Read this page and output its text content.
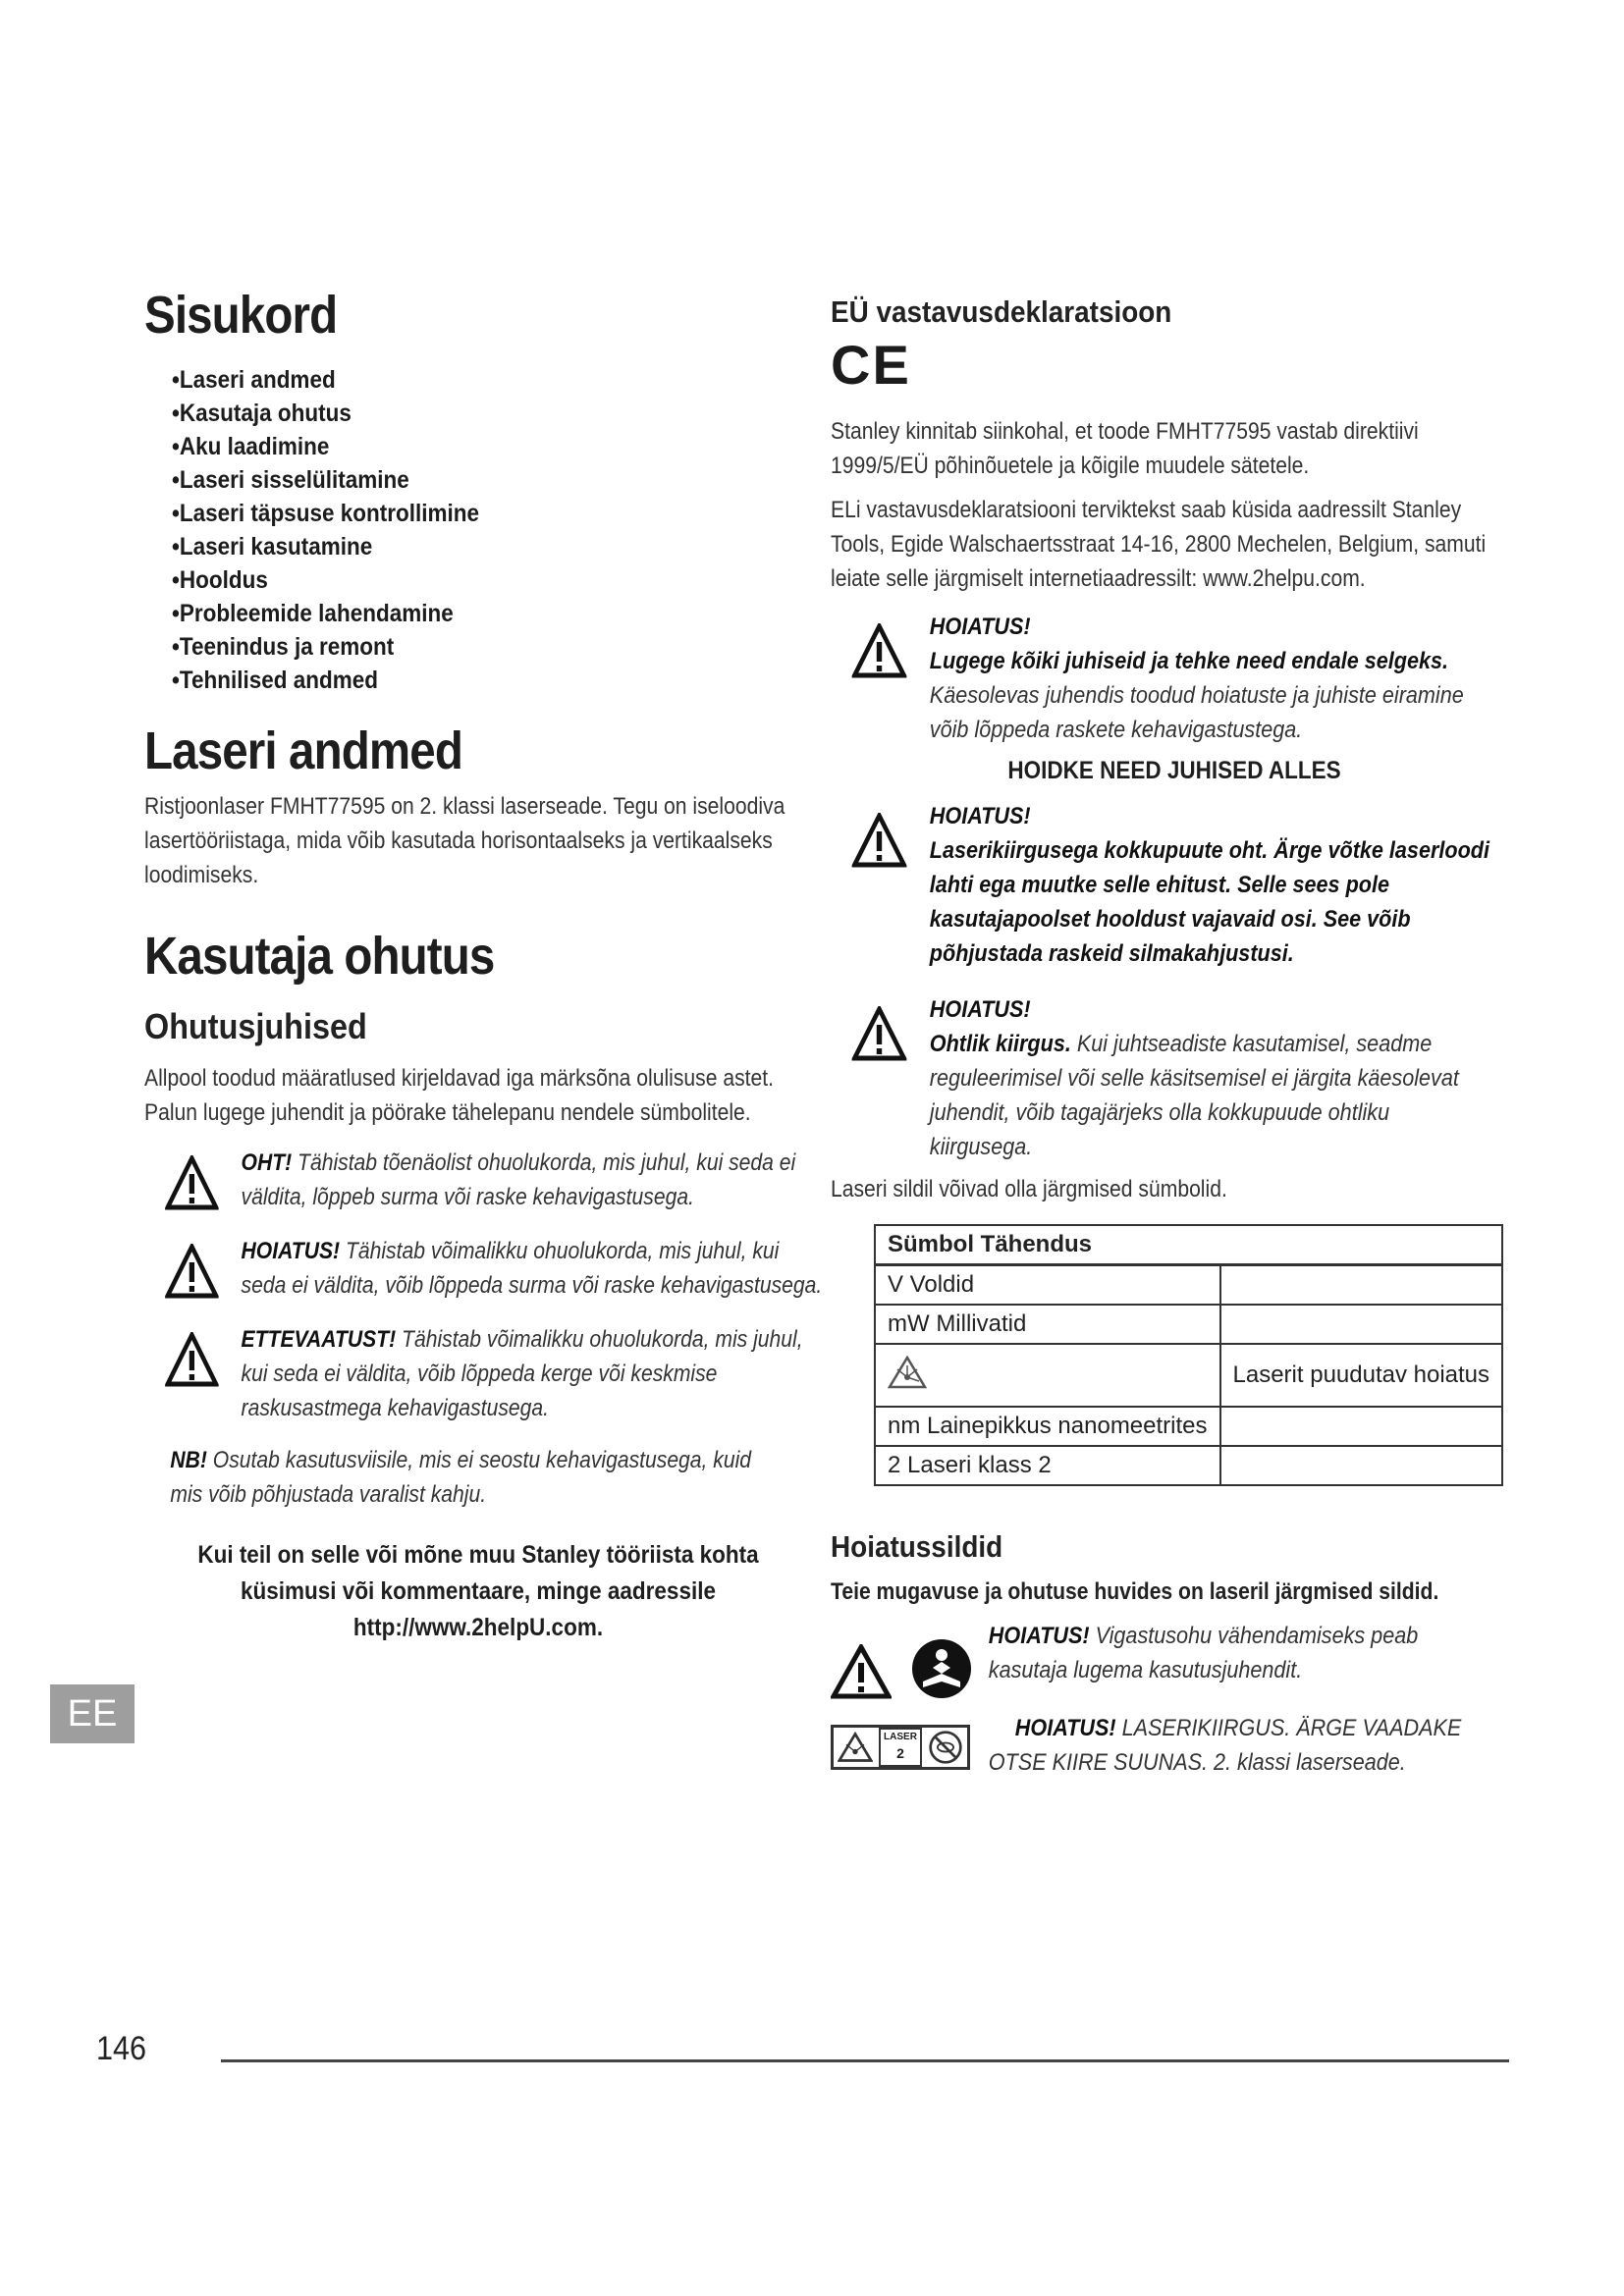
Sisukord
• Laseri andmed
• Kasutaja ohutus
• Aku laadimine
• Laseri sisselülitamine
• Laseri täpsuse kontrollimine
• Laseri kasutamine
• Hooldus
• Probleemide lahendamine
• Teenindus ja remont
• Tehnilised andmed
Laseri andmed

Ristjoonlaser FMHT77595 on 2. klassi laserseade. Tegu on iseloodiva lasertööriistaga, mida võib kasutada horisontaalseks ja vertikaalseks loodimiseks.

Kasutaja ohutus
Ohutusjuhised

Allpool toodud määratlused kirjeldavad iga märksõna olulisuse astet. Palun lugege juhendit ja pöörake tähelepanu nendele sümbolitele.

OHT! Tähistab tõenäolist ohuolukorda, mis juhul, kui seda ei väldita, lõppeb surma või raske kehavigastusega.
HOIATUS! Tähistab võimalikku ohuolukorda, mis juhul, kui seda ei väldita, võib lõppeda surma või raske kehavigastusega.
ETTEVAATUST! Tähistab võimalikku ohuolukorda, mis juhul, kui seda ei väldita, võib lõppeda kerge või keskmise raskusastmega kehavigastusega.
NB! Osutab kasutusviisile, mis ei seostu kehavigastusega, kuid mis võib põhjustada varalist kahju.
Kui teil on selle või mõne muu Stanley tööriista kohta küsimusi või kommentaare, minge aadressile http://www.2helpU.com.
EÜ vastavusdeklaratsioon
CE

Stanley kinnitab siinkohal, et toode FMHT77595 vastab direktiivi 1999/5/EÜ põhinõuetele ja kõigile muudele sätetele.

ELi vastavusdeklaratsiooni terviktekst saab küsida aadressilt Stanley Tools, Egide Walschaertsstraat 14-16, 2800 Mechelen, Belgium, samuti leiate selle järgmiselt internetiaadressilt: www.2helpu.com.

HOIATUS!
Lugege kõiki juhiseid ja tehke need endale selgeks. Käesolevas juhendis toodud hoiatuste ja juhiste eiramine võib lõppeda raskete kehavigastustega.
HOIDKE NEED JUHISED ALLES
HOIATUS!
Laserikiirgusega kokkupuute oht. Ärge võtke laserloodi lahti ega muutke selle ehitust. Selle sees pole kasutajapoolset hooldust vajavaid osi. See võib põhjustada raskeid silmakahjustusi.
HOIATUS!
Ohtlik kiirgus. Kui juhtseadiste kasutamisel, seadme reguleerimisel või selle käsitsemisel ei järgita käesolevat juhendit, võib tagajärjeks olla kokkupuude ohtliku kiirgusega.

Laseri sildil võivad olla järgmised sümbolid.

Sümbol Tähendus	
V Voldid	
mW Millivatid	
	Laserit puudutav hoiatus
nm Lainepikkus nanomeetrites	
2 Laseri klass 2	
Hoiatussildid

Teie mugavuse ja ohutuse huvides on laseril järgmised sildid.

HOIATUS! Vigastusohu vähendamiseks peab kasutaja lugema kasutusjuhendit.
LASER
2
HOIATUS! LASERIKIIRGUS. ÄRGE VAADAKE OTSE KIIRE SUUNAS. 2. klassi laserseade.
EE
146
